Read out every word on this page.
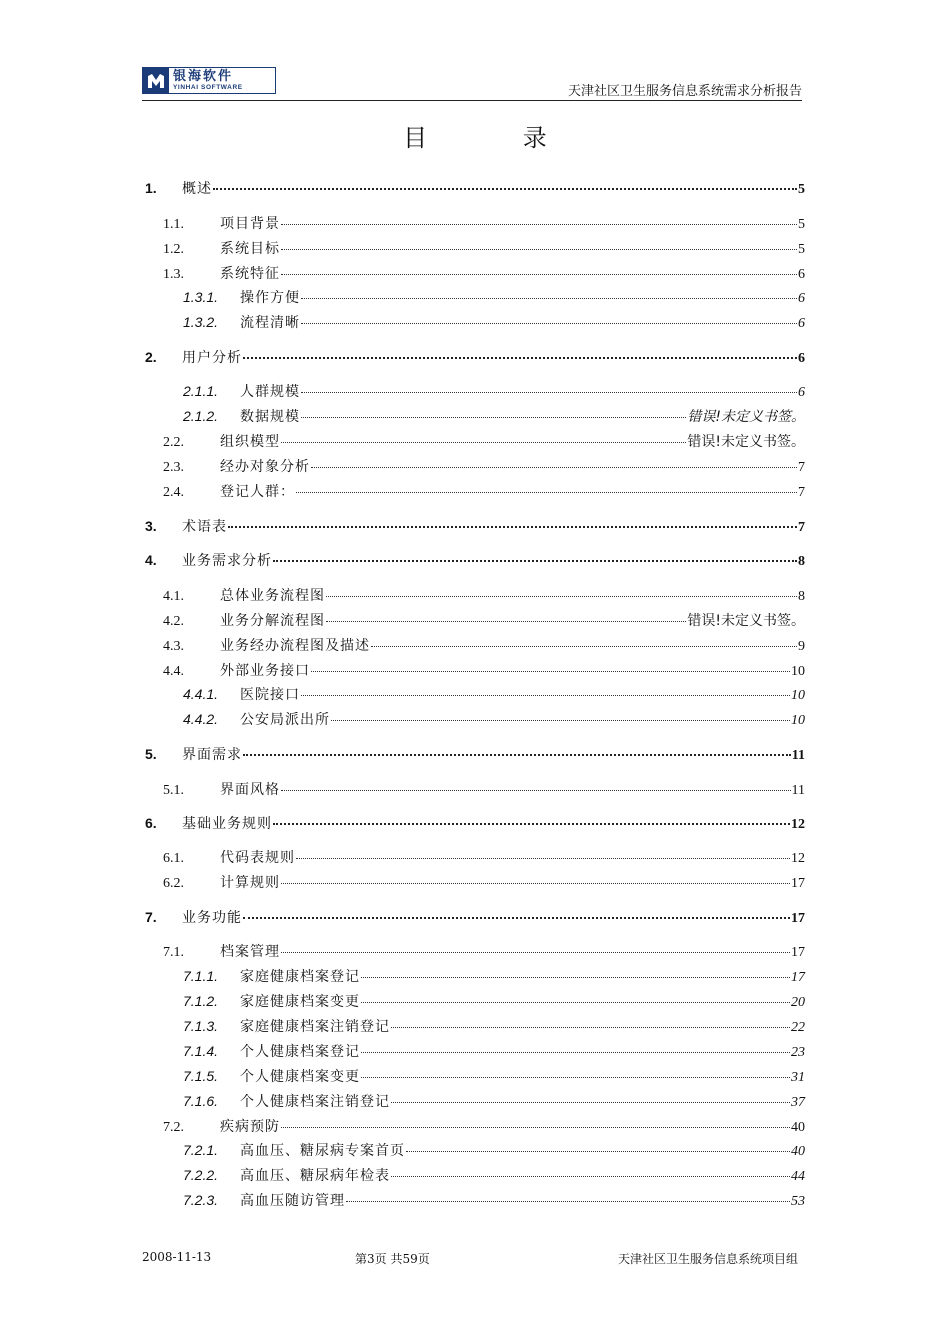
银海软件
YINHAI SOFTWARE	天津社区卫生服务信息系统需求分析报告
目 录
1.	概述	5
1.1.	项目背景	5
1.2.	系统目标	5
1.3.	系统特征	6
1.3.1.	操作方便	6
1.3.2.	流程清晰	6
2.	用户分析	6
2.1.1.	人群规模	6
2.1.2.	数据规模	错误!未定义书签。
2.2.	组织模型	错误!未定义书签。
2.3.	经办对象分析	7
2.4.	登记人群：	7
3.	术语表	7
4.	业务需求分析	8
4.1.	总体业务流程图	8
4.2.	业务分解流程图	错误!未定义书签。
4.3.	业务经办流程图及描述	9
4.4.	外部业务接口	10
4.4.1.	医院接口	10
4.4.2.	公安局派出所	10
5.	界面需求	11
5.1.	界面风格	11
6.	基础业务规则	12
6.1.	代码表规则	12
6.2.	计算规则	17
7.	业务功能	17
7.1.	档案管理	17
7.1.1.	家庭健康档案登记	17
7.1.2.	家庭健康档案变更	20
7.1.3.	家庭健康档案注销登记	22
7.1.4.	个人健康档案登记	23
7.1.5.	个人健康档案变更	31
7.1.6.	个人健康档案注销登记	37
7.2.	疾病预防	40
7.2.1.	高血压、糖尿病专案首页	40
7.2.2.	高血压、糖尿病年检表	44
7.2.3.	高血压随访管理	53
2008-11-13	第3页 共59页	天津社区卫生服务信息系统项目组
